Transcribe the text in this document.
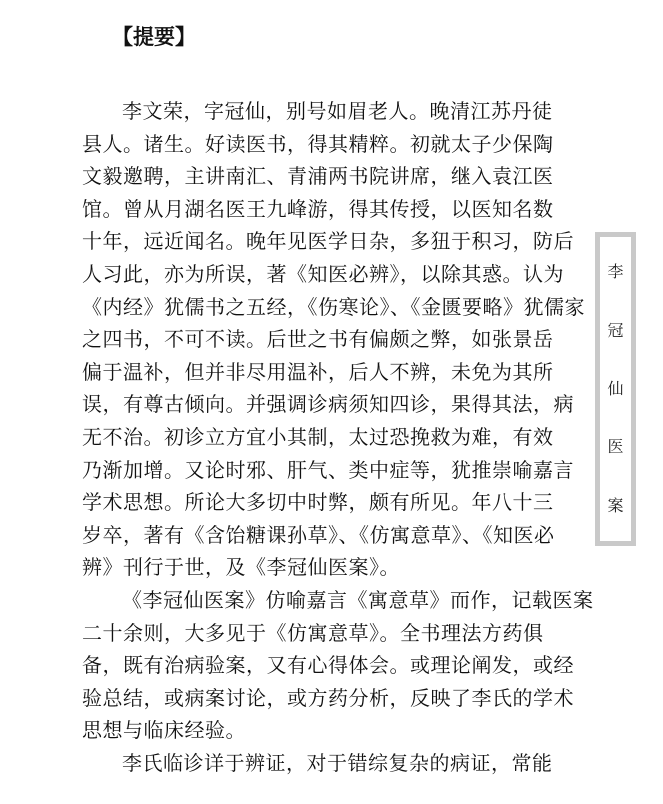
【提要】
李文荣，字冠仙，别号如眉老人。晚清江苏丹徒
县人。诸生。好读医书，得其精粹。初就太子少保陶
文毅邀聘，主讲南汇、青浦两书院讲席，继入袁江医
馆。曾从月湖名医王九峰游，得其传授，以医知名数
十年，远近闻名。晚年见医学日杂，多狃于积习，防后
人习此，亦为所误，著《知医必辨》，以除其惑。认为
《内经》犹儒书之五经，《伤寒论》、《金匮要略》犹儒家
之四书，不可不读。后世之书有偏颇之弊，如张景岳
偏于温补，但并非尽用温补，后人不辨，未免为其所
误，有尊古倾向。并强调诊病须知四诊，果得其法，病
无不治。初诊立方宜小其制，太过恐挽救为难，有效
乃渐加增。又论时邪、肝气、类中症等，犹推崇喻嘉言
学术思想。所论大多切中时弊，颇有所见。年八十三
岁卒，著有《含饴糖课孙草》、《仿寓意草》、《知医必
辨》刊行于世，及《李冠仙医案》。
《李冠仙医案》仿喻嘉言《寓意草》而作，记载医案
二十余则，大多见于《仿寓意草》。全书理法方药俱
备，既有治病验案，又有心得体会。或理论阐发，或经
验总结，或病案讨论，或方药分析，反映了李氏的学术
思想与临床经验。
李氏临诊详于辨证，对于错综复杂的病证，常能
李
冠
仙
医
案
